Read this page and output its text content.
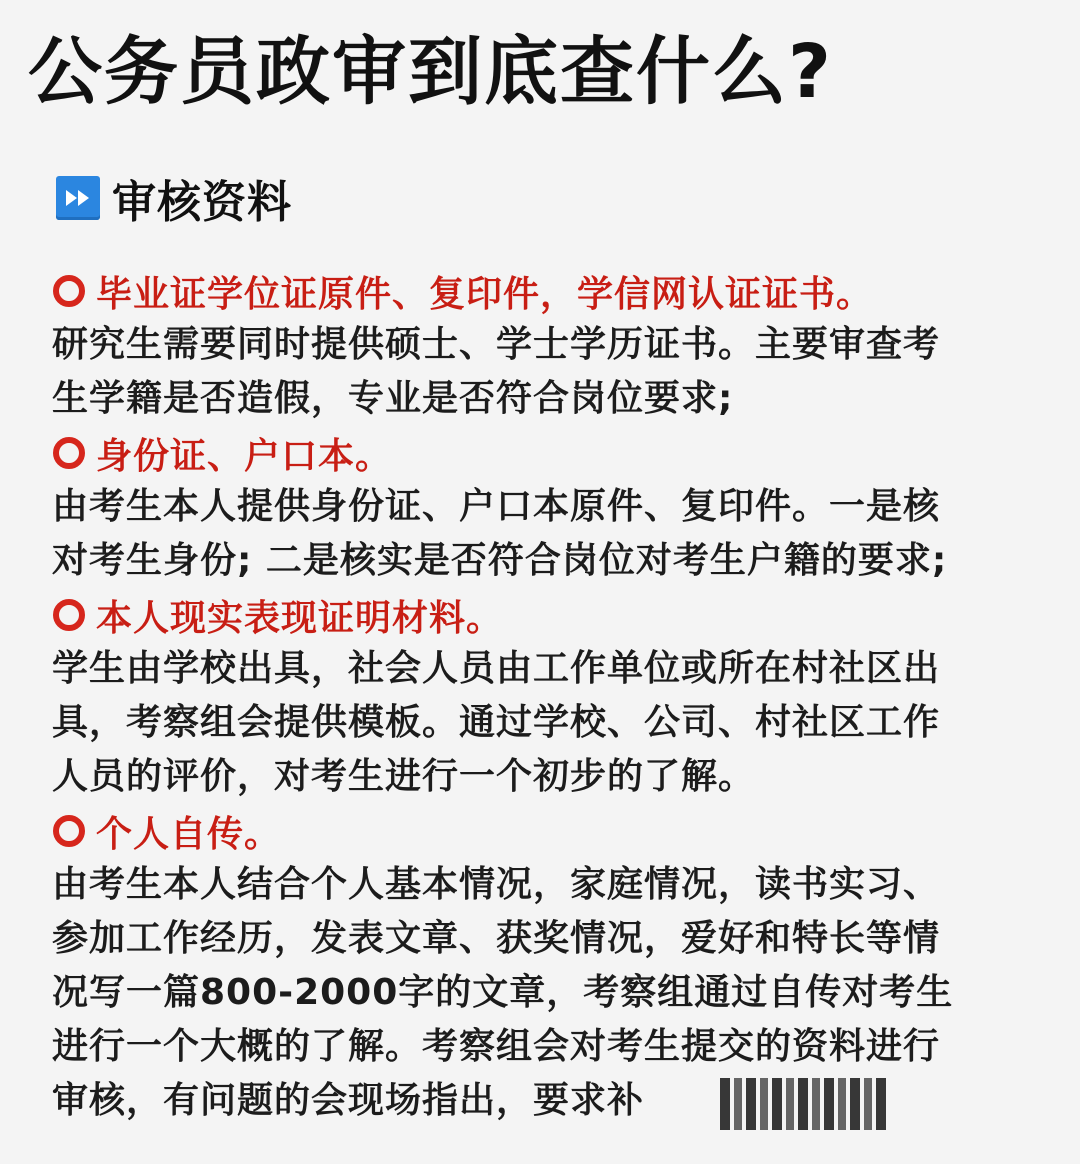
公务员政审到底查什么?
审核资料
毕业证学位证原件、复印件，学信网认证证书。
研究生需要同时提供硕士、学士学历证书。主要审查考
生学籍是否造假，专业是否符合岗位要求;
身份证、户口本。
由考生本人提供身份证、户口本原件、复印件。一是核
对考生身份; 二是核实是否符合岗位对考生户籍的要求;
本人现实表现证明材料。
学生由学校出具，社会人员由工作单位或所在村社区出
具，考察组会提供模板。通过学校、公司、村社区工作
人员的评价，对考生进行一个初步的了解。
个人自传。
由考生本人结合个人基本情况，家庭情况，读书实习、
参加工作经历，发表文章、获奖情况，爱好和特长等情
况写一篇800-2000字的文章，考察组通过自传对考生
进行一个大概的了解。考察组会对考生提交的资料进行
审核，有问题的会现场指出，要求补
